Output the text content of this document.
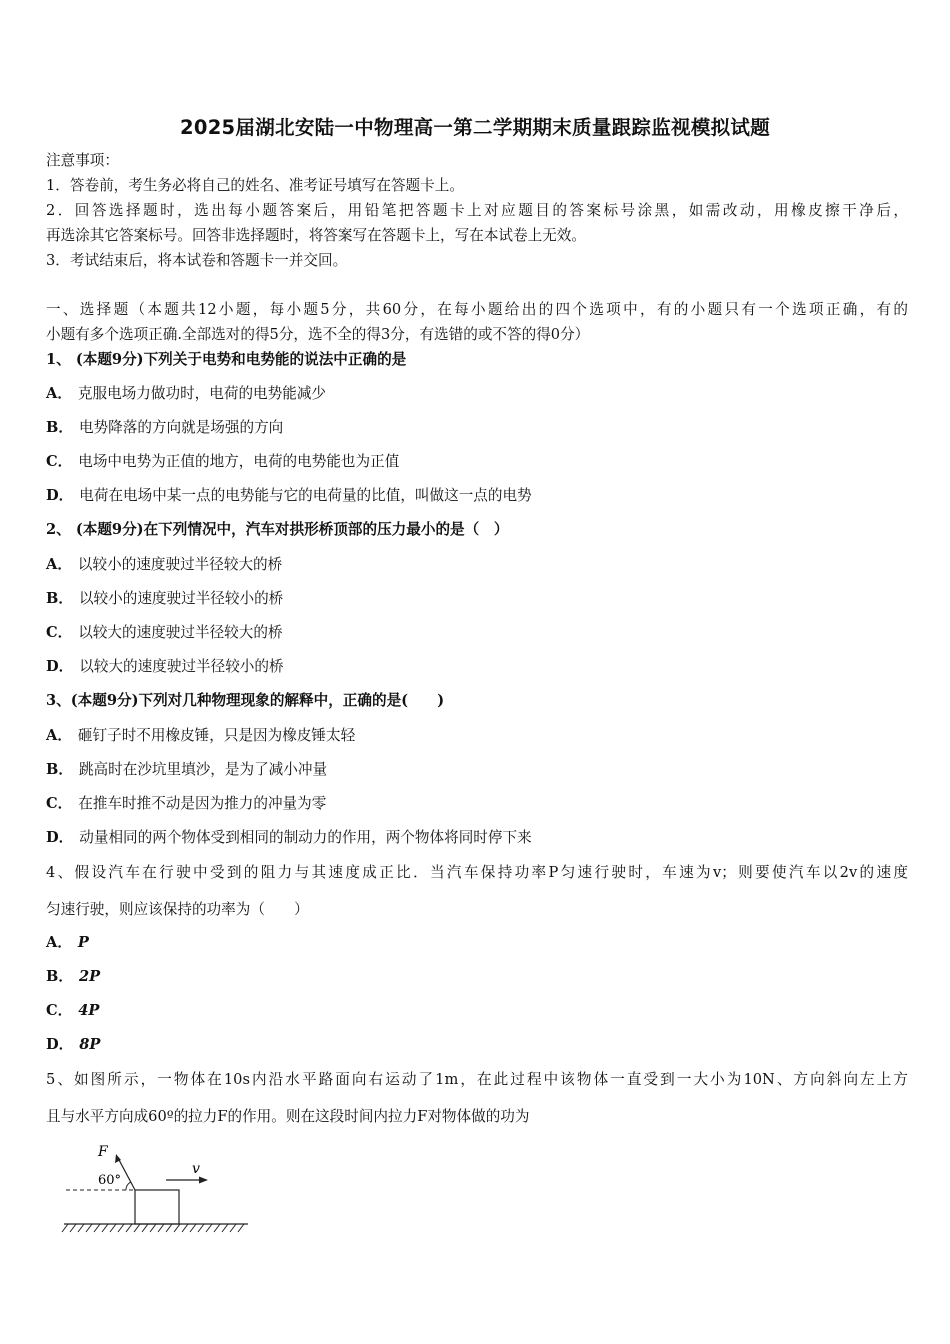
2025届湖北安陆一中物理高一第二学期期末质量跟踪监视模拟试题
注意事项：
1．答卷前，考生务必将自己的姓名、准考证号填写在答题卡上。
2．回答选择题时，选出每小题答案后，用铅笔把答题卡上对应题目的答案标号涂黑，如需改动，用橡皮擦干净后，
再选涂其它答案标号。回答非选择题时，将答案写在答题卡上，写在本试卷上无效。
3．考试结束后，将本试卷和答题卡一并交回。
一、选择题（本题共12小题，每小题5分，共60分，在每小题给出的四个选项中，有的小题只有一个选项正确，有的
小题有多个选项正确.全部选对的得5分，选不全的得3分，有选错的或不答的得0分）
1、 (本题9分)下列关于电势和电势能的说法中正确的是
A． 克服电场力做功时，电荷的电势能减少
B． 电势降落的方向就是场强的方向
C． 电场中电势为正值的地方，电荷的电势能也为正值
D． 电荷在电场中某一点的电势能与它的电荷量的比值，叫做这一点的电势
2、 (本题9分)在下列情况中，汽车对拱形桥顶部的压力最小的是（　）
A． 以较小的速度驶过半径较大的桥
B． 以较小的速度驶过半径较小的桥
C． 以较大的速度驶过半径较大的桥
D． 以较大的速度驶过半径较小的桥
3、(本题9分)下列对几种物理现象的解释中，正确的是(　　)
A． 砸钉子时不用橡皮锤，只是因为橡皮锤太轻
B． 跳高时在沙坑里填沙，是为了减小冲量
C． 在推车时推不动是因为推力的冲量为零
D． 动量相同的两个物体受到相同的制动力的作用，两个物体将同时停下来
4、假设汽车在行驶中受到的阻力与其速度成正比．当汽车保持功率P匀速行驶时，车速为v；则要使汽车以2v的速度
匀速行驶，则应该保持的功率为（　　）
A． P
B． 2P
C． 4P
D． 8P
5、如图所示，一物体在10s内沿水平路面向右运动了1m，在此过程中该物体一直受到一大小为10N、方向斜向左上方
且与水平方向成60º的拉力F的作用。则在这段时间内拉力F对物体做的功为
F
60°
v
